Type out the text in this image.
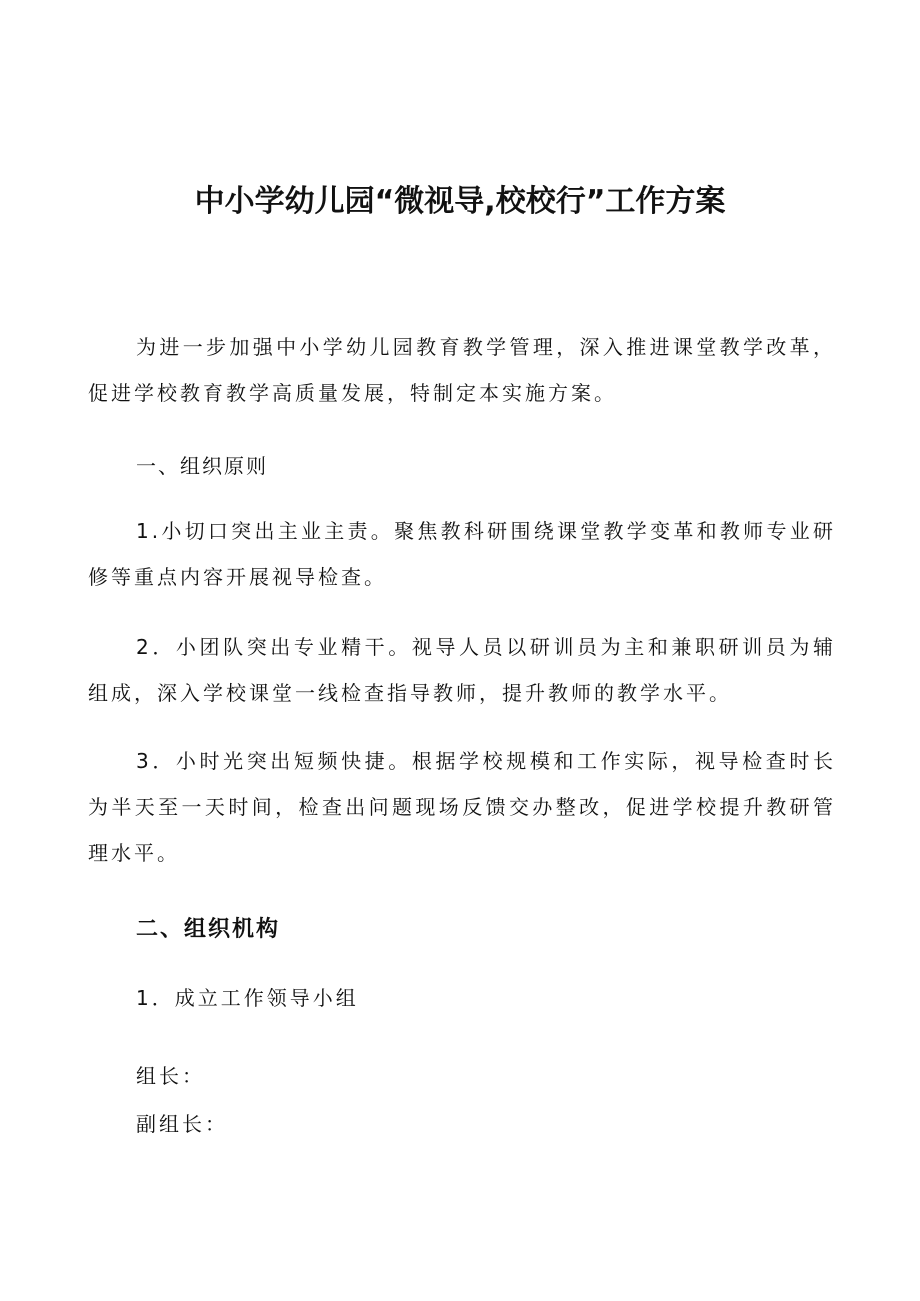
中小学幼儿园“微视导,校校行”工作方案

为进一步加强中小学幼儿园教育教学管理，深入推进课堂教学改革，促进学校教育教学高质量发展，特制定本实施方案。

一、组织原则

1.小切口突出主业主责。聚焦教科研围绕课堂教学变革和教师专业研修等重点内容开展视导检查。

2．小团队突出专业精干。视导人员以研训员为主和兼职研训员为辅组成，深入学校课堂一线检查指导教师，提升教师的教学水平。

3．小时光突出短频快捷。根据学校规模和工作实际，视导检查时长为半天至一天时间，检查出问题现场反馈交办整改，促进学校提升教研管理水平。

二、组织机构

1．成立工作领导小组

组长：

副组长：
